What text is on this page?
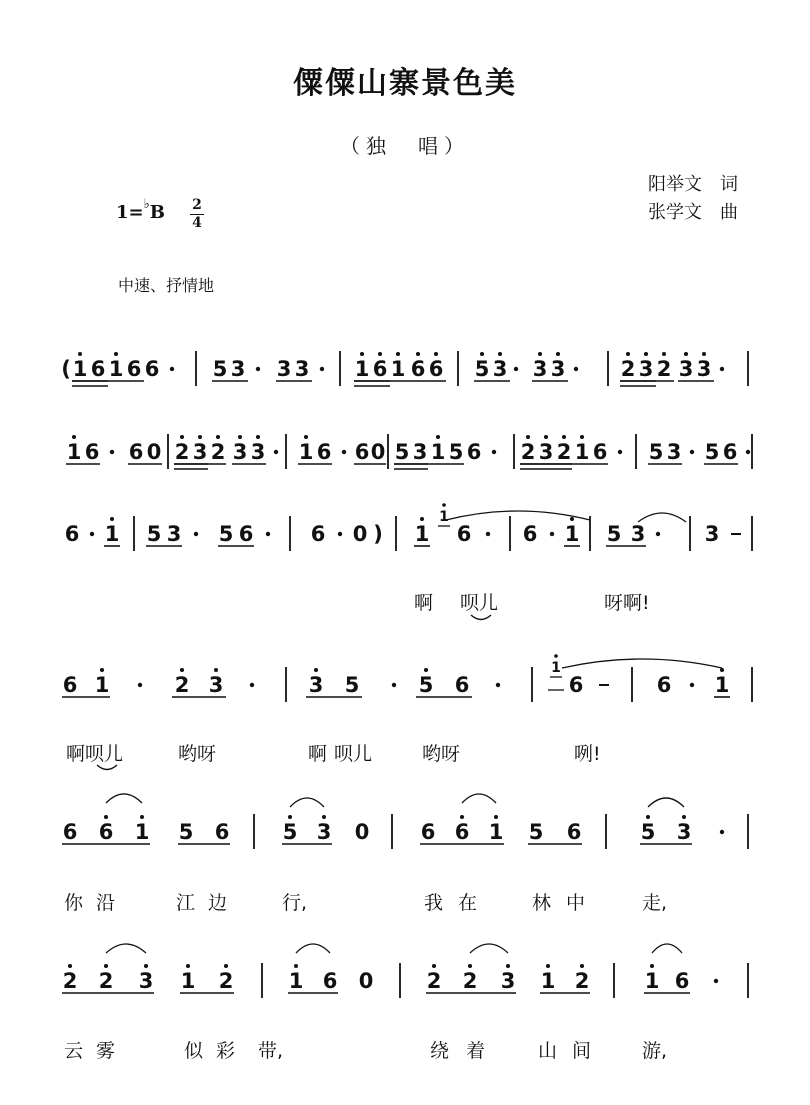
僳僳山寨景色美
（独　唱）
阳举文　词
张学文　曲
1=♭B 2
4
中速、抒情地
( 1 6 1 6 6	5 3 3 3 1 6 1 6 6 5 3 3 3	2 3 2 3 3
1 6 6 0 2 3 2 3 3 1 6 6 0 5 3 1 5 6 2 3 2 1 6 5 3 5 6
6 1 5 3 5 6	6 0 ) 1 6 6 1 5 3	3
1
6 1	2 3	3 5	5 6	6	6 1
1
6 6 1 5 6	5 3 0 6 6 1 5 6	5 3
2 2 3 1 2	1 6 0	2 2 3 1 2	1 6
啊 呗儿	呀啊!
啊呗儿	哟呀	啊 呗儿	哟呀	咧!
你 沿	江 边	行,	我 在	林 中	走,
云 雾	似 彩 带,	绕 着	山 间	游,
